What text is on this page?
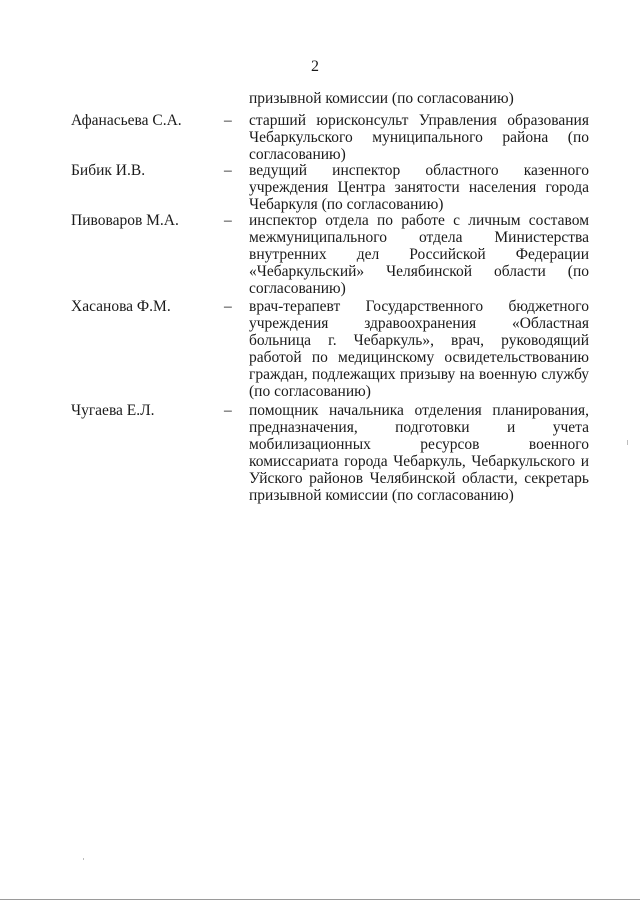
2
призывной комиссии (по согласованию)
Афанасьева С.А.	– старший юрисконсульт Управления образования Чебаркульского муниципального района (по согласованию)
Бибик И.В.	– ведущий инспектор областного казенного учреждения Центра занятости населения города Чебаркуля (по согласованию)
Пивоваров М.А.	– инспектор отдела по работе с личным составом межмуниципального отдела Министерства внутренних дел Российской Федерации «Чебаркульский» Челябинской области (по согласованию)
Хасанова Ф.М.	– врач-терапевт Государственного бюджетного учреждения здравоохранения «Областная больница г. Чебаркуль», врач, руководящий работой по медицинскому освидетельствованию граждан, подлежащих призыву на военную службу (по согласованию)
Чугаева Е.Л.	– помощник начальника отделения планирования, предназначения, подготовки и учета мобилизационных ресурсов военного комиссариата города Чебаркуль, Чебаркульского и Уйского районов Челябинской области, секретарь призывной комиссии (по согласованию)
